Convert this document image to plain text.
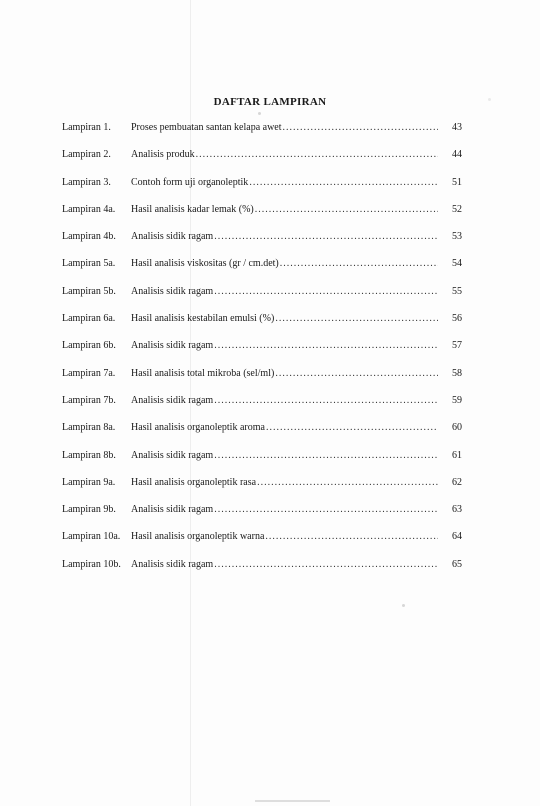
DAFTAR LAMPIRAN
Lampiran 1.	Proses pembuatan santan kelapa awet .....	43
Lampiran 2.	Analisis produk .....	44
Lampiran 3.	Contoh form uji organoleptik .....	51
Lampiran 4a.	Hasil analisis kadar lemak (%) .....	52
Lampiran 4b.	Analisis sidik ragam .....	53
Lampiran 5a.	Hasil analisis viskositas (gr / cm.det) .....	54
Lampiran 5b.	Analisis sidik ragam .....	55
Lampiran 6a.	Hasil analisis kestabilan emulsi (%) .....	56
Lampiran 6b.	Analisis sidik ragam .....	57
Lampiran 7a.	Hasil analisis total mikroba (sel/ml) .....	58
Lampiran 7b.	Analisis sidik ragam .....	59
Lampiran 8a.	Hasil analisis organoleptik aroma .....	60
Lampiran 8b.	Analisis sidik ragam .....	61
Lampiran 9a.	Hasil analisis organoleptik rasa .....	62
Lampiran 9b.	Analisis sidik ragam .....	63
Lampiran 10a.	Hasil analisis organoleptik warna .....	64
Lampiran 10b.	Analisis sidik ragam .....	65
